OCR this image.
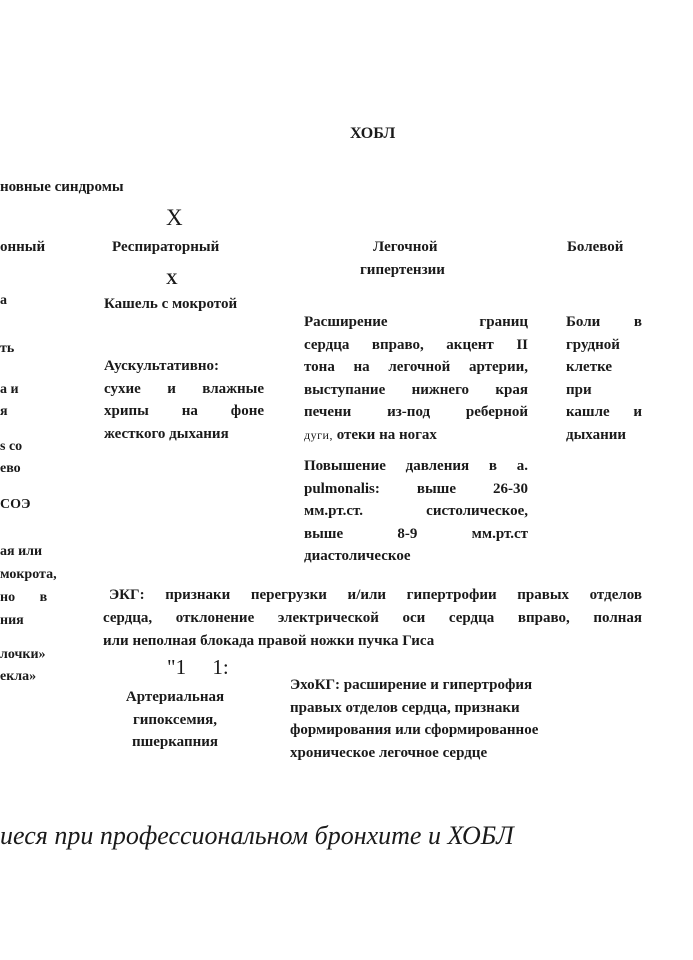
ХОБЛ
новные синдромы
Х
онный
а
ть
а и
я
s со
ево
СОЭ
ая или
мокрота,
но       в
ния
лочки»
екла»
Респираторный
Х
Кашель с мокротой
Аускультативно:
сухие и влажные
хрипы на фоне
жесткого дыхания
Легочной
гипертензии
Расширение границ
сердца вправо, акцент II
тона на легочной артерии,
выступание нижнего края
печени из-под реберной
дуги, отеки на ногах
Повышение давления в а.
pulmonalis: выше 26-30
мм.рт.ст. систолическое,
выше 8-9 мм.рт.ст
диастолическое
Болевой
Боли в
грудной
клетке
при
кашле и
дыхании
ЭКГ: признаки перегрузки и/или гипертрофии правых отделов
сердца, отклонение электрической оси сердца вправо, полная
или неполная блокада правой ножки пучка Гиса
"1     1:
Артериальная
гипоксемия,
пшеркапния
ЭхоКГ: расширение и гипертрофия
правых отделов сердца, признаки
формирования или сформированное
хроническое легочное сердце
иеся при профессиональном бронхите и ХОБЛ
